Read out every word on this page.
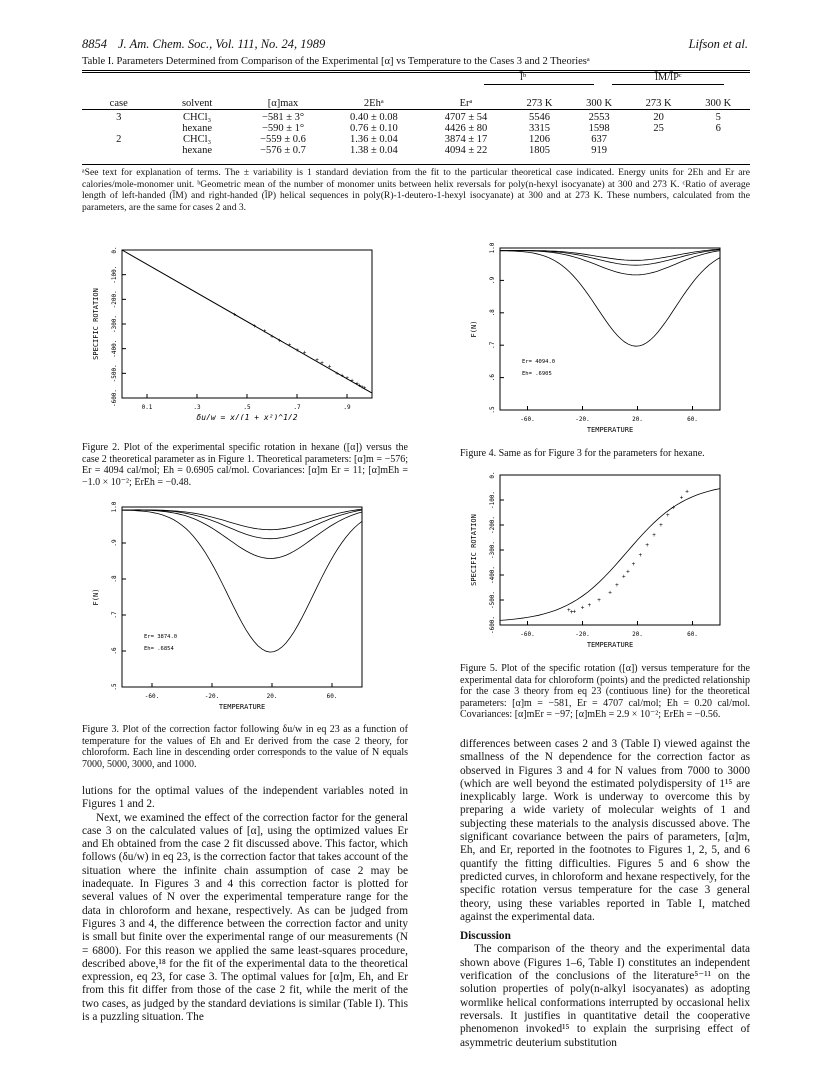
8854 J. Am. Chem. Soc., Vol. 111, No. 24, 1989	Lifson et al.
Table I. Parameters Determined from Comparison of the Experimental [α] vs Temperature to the Cases 3 and 2 Theoriesᵃ
l̄ᵇ	l̄M/l̄Pᶜ
case	solvent	[α]max	2Ehᵃ	Erᵃ	273 K	300 K	273 K	300 K

3	CHCl₃	−581 ± 3°	0.40 ± 0.08	4707 ± 54	5546	2553	20	5
	hexane	−590 ± 1°	0.76 ± 0.10	4426 ± 80	3315	1598	25	6
2	CHCl₃	−559 ± 0.6	1.36 ± 0.04	3874 ± 17	1206	637		
	hexane	−576 ± 0.7	1.38 ± 0.04	4094 ± 22	1805	919		
ᵃSee text for explanation of terms. The ± variability is 1 standard deviation from the fit to the particular theoretical case indicated. Energy units for 2Eh and Er are calories/mole-monomer unit. ᵇGeometric mean of the number of monomer units between helix reversals for poly(n-hexyl isocyanate) at 300 and 273 K. ᶜRatio of average length of left-handed (l̄M) and right-handed (l̄P) helical sequences in poly(R)-1-deutero-1-hexyl isocyanate) at 300 and at 273 K. These numbers, calculated from the parameters, are the same for cases 2 and 3.
0.1	.3	.5	.7	.9
0.
-100.
-200.
-300.
-400.
-500.
-600.
SPECIFIC ROTATION	+
+
+
+
+
+
+ +
+ + +
+ + + + +
+
+
+
δu/w = x/(1 + x²)^1/2
Figure 2. Plot of the experimental specific rotation in hexane ([α]) versus the case 2 theoretical parameter as in Figure 1. Theoretical parameters: [α]m = −576; Er = 4094 cal/mol; Eh = 0.6905 cal/mol. Covariances: [α]m Er = 11; [α]mEh = −1.0 × 10⁻²; ErEh = −0.48.
-60.	-20.	20.	60.
1.0
.9
.8
.7
.6
.5
F(N)
TEMPERATURE
Er= 3874.0
Eh= .6854
Figure 3. Plot of the correction factor following δu/w in eq 23 as a function of temperature for the values of Eh and Er derived from the case 2 theory, for chloroform. Each line in descending order corresponds to the value of N equals 7000, 5000, 3000, and 1000.

lutions for the optimal values of the independent variables noted in Figures 1 and 2.

Next, we examined the effect of the correction factor for the general case 3 on the calculated values of [α], using the optimized values Er and Eh obtained from the case 2 fit discussed above. This factor, which follows (δu/w) in eq 23, is the correction factor that takes account of the situation where the infinite chain assumption of case 2 may be inadequate. In Figures 3 and 4 this correction factor is plotted for several values of N over the experimental temperature range for the data in chloroform and hexane, respectively. As can be judged from Figures 3 and 4, the difference between the correction factor and unity is small but finite over the experimental range of our measurements (N = 6800). For this reason we applied the same least-squares procedure, described above,¹⁸ for the fit of the experimental data to the theoretical expression, eq 23, for case 3. The optimal values for [α]m, Eh, and Er from this fit differ from those of the case 2 fit, while the merit of the two cases, as judged by the standard deviations is similar (Table I). This is a puzzling situation. The

-60.	-20.	20.	60.
1.0
.9
.8
.7
.6
.5
F(N)
TEMPERATURE
Er= 4094.0
Eh= .6905
Figure 4. Same as for Figure 3 for the parameters for hexane.
-60.	-20.	20.	60.
0.
-100.
-200.
-300.
-400.
-500.
-600.
SPECIFIC ROTATION
TEMPERATURE
+ + +
+ +
+
+
+
+
+
+
+
+
+
+
+
+
+
+
Figure 5. Plot of the specific rotation ([α]) versus temperature for the experimental data for chloroform (points) and the predicted relationship for the case 3 theory from eq 23 (contiuous line) for the theoretical parameters: [α]m = −581, Er = 4707 cal/mol; Eh = 0.20 cal/mol. Covariances: [α]mEr = −97; [α]mEh = 2.9 × 10⁻²; ErEh = −0.56.

differences between cases 2 and 3 (Table I) viewed against the smallness of the N dependence for the correction factor as observed in Figures 3 and 4 for N values from 7000 to 3000 (which are well beyond the estimated polydispersity of 1¹⁵ are inexplicably large. Work is underway to overcome this by preparing a wide variety of molecular weights of 1 and subjecting these materials to the analysis discussed above. The significant covariance between the pairs of parameters, [α]m, Eh, and Er, reported in the footnotes to Figures 1, 2, 5, and 6 quantify the fitting difficulties. Figures 5 and 6 show the predicted curves, in chloroform and hexane respectively, for the specific rotation versus temperature for the case 3 general theory, using these variables reported in Table I, matched against the experimental data.

Discussion

The comparison of the theory and the experimental data shown above (Figures 1–6, Table I) constitutes an independent verification of the conclusions of the literature⁵⁻¹¹ on the solution properties of poly(n-alkyl isocyanates) as adopting wormlike helical conformations interrupted by occasional helix reversals. It justifies in quantitative detail the cooperative phenomenon invoked¹⁵ to explain the surprising effect of asymmetric deuterium substitution
